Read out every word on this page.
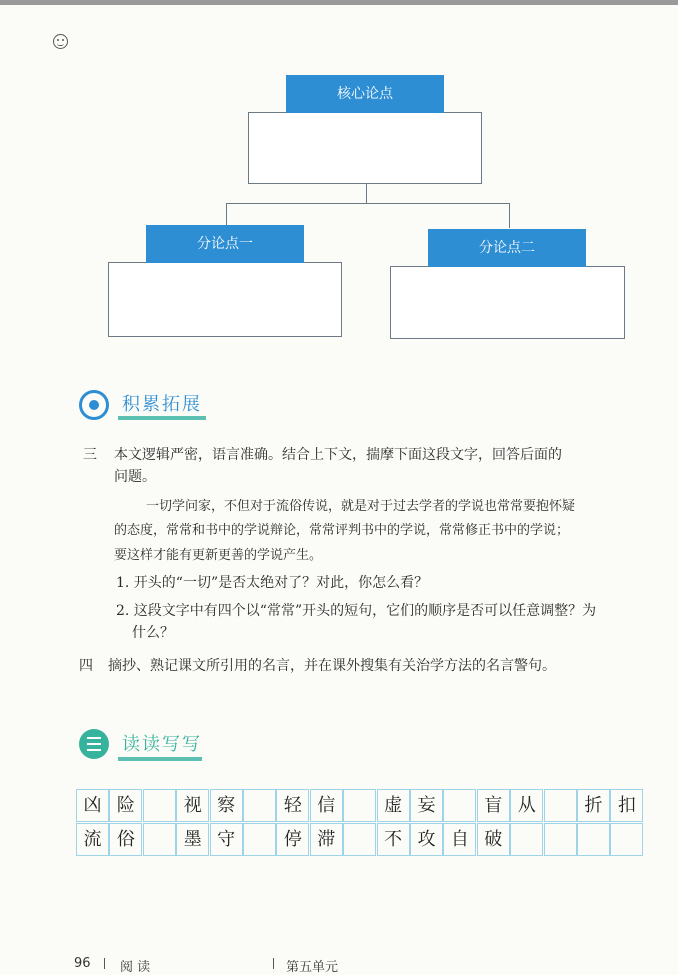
核心论点
分论点一	分论点二
积累拓展
三 本文逻辑严密，语言准确。结合上下文，揣摩下面这段文字，回答后面的
问题。
一切学问家，不但对于流俗传说，就是对于过去学者的学说也常常要抱怀疑
的态度，常常和书中的学说辩论，常常评判书中的学说，常常修正书中的学说；
要这样才能有更新更善的学说产生。
1. 开头的“一切”是否太绝对了？对此，你怎么看？
2. 这段文字中有四个以“常常”开头的短句，它们的顺序是否可以任意调整？为
什么？
四 摘抄、熟记课文所引用的名言，并在课外搜集有关治学方法的名言警句。
读读写写
凶 险	视 察	轻 信	虚 妄	盲 从	折 扣
流 俗	墨 守	停 滞	不 攻 自 破
96 阅 读	第五单元
